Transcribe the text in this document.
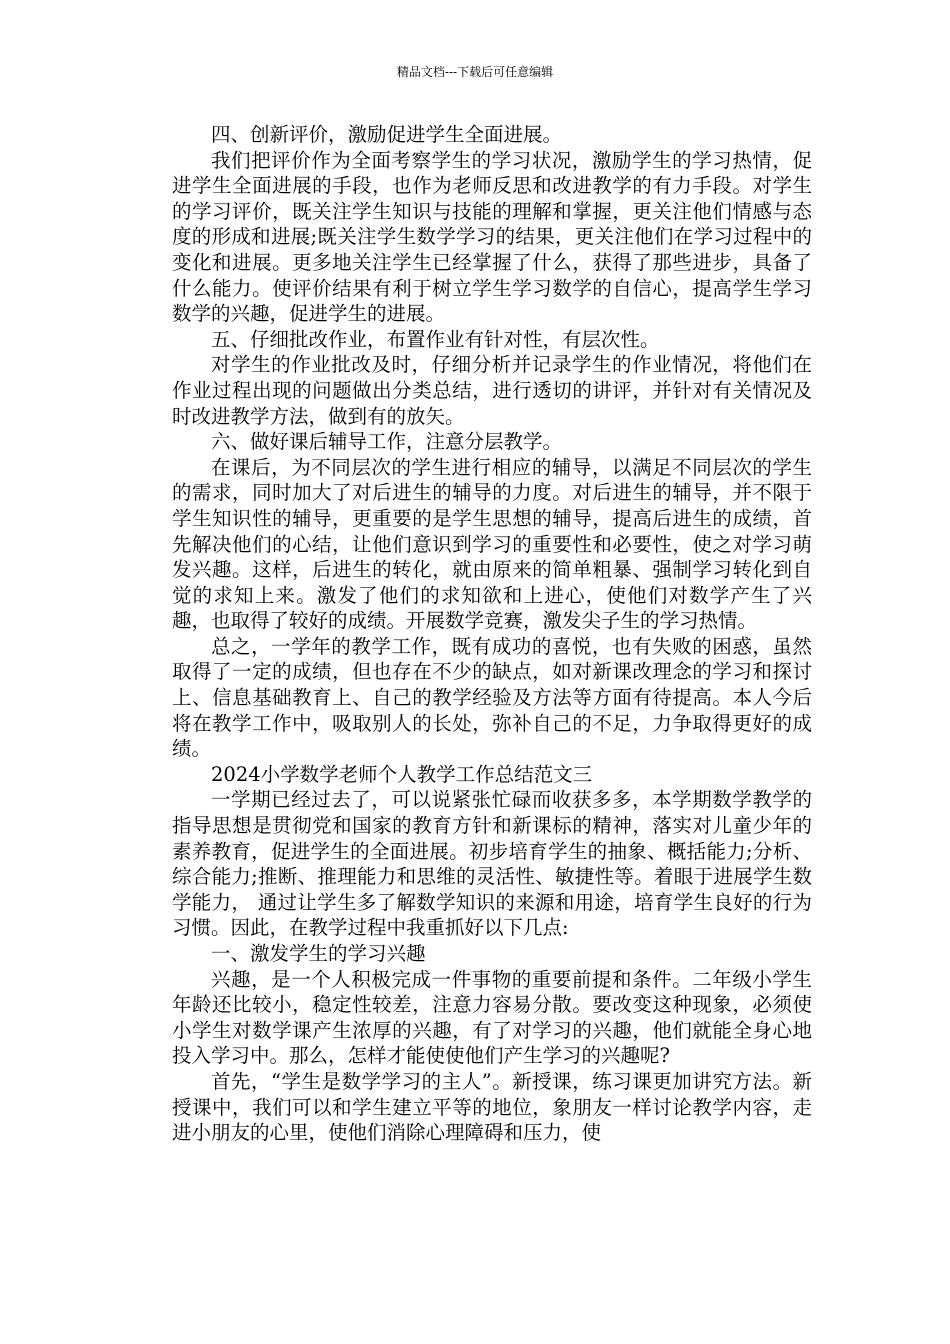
精品文档---下载后可任意编辑

四、创新评价，激励促进学生全面进展。

我们把评价作为全面考察学生的学习状况，激励学生的学习热情，促进学生全面进展的手段，也作为老师反思和改进教学的有力手段。对学生的学习评价，既关注学生知识与技能的理解和掌握，更关注他们情感与态度的形成和进展;既关注学生数学学习的结果，更关注他们在学习过程中的变化和进展。更多地关注学生已经掌握了什么，获得了那些进步，具备了什么能力。使评价结果有利于树立学生学习数学的自信心，提高学生学习数学的兴趣，促进学生的进展。

五、仔细批改作业，布置作业有针对性，有层次性。

对学生的作业批改及时，仔细分析并记录学生的作业情况，将他们在作业过程出现的问题做出分类总结，进行透切的讲评，并针对有关情况及时改进教学方法，做到有的放矢。

六、做好课后辅导工作，注意分层教学。

在课后，为不同层次的学生进行相应的辅导，以满足不同层次的学生的需求，同时加大了对后进生的辅导的力度。对后进生的辅导，并不限于学生知识性的辅导，更重要的是学生思想的辅导，提高后进生的成绩，首先解决他们的心结，让他们意识到学习的重要性和必要性，使之对学习萌发兴趣。这样，后进生的转化，就由原来的简单粗暴、强制学习转化到自觉的求知上来。激发了他们的求知欲和上进心，使他们对数学产生了兴趣，也取得了较好的成绩。开展数学竞赛，激发尖子生的学习热情。

总之，一学年的教学工作，既有成功的喜悦，也有失败的困惑，虽然取得了一定的成绩，但也存在不少的缺点，如对新课改理念的学习和探讨上、信息基础教育上、自己的教学经验及方法等方面有待提高。本人今后将在教学工作中，吸取别人的长处，弥补自己的不足，力争取得更好的成绩。

2024小学数学老师个人教学工作总结范文三

一学期已经过去了，可以说紧张忙碌而收获多多，本学期数学教学的指导思想是贯彻党和国家的教育方针和新课标的精神，落实对儿童少年的素养教育，促进学生的全面进展。初步培育学生的抽象、概括能力;分析、综合能力;推断、推理能力和思维的灵活性、敏捷性等。着眼于进展学生数学能力， 通过让学生多了解数学知识的来源和用途，培育学生良好的行为习惯。因此，在教学过程中我重抓好以下几点:

一、激发学生的学习兴趣

兴趣，是一个人积极完成一件事物的重要前提和条件。二年级小学生年龄还比较小，稳定性较差，注意力容易分散。要改变这种现象，必须使小学生对数学课产生浓厚的兴趣，有了对学习的兴趣，他们就能全身心地投入学习中。那么，怎样才能使使他们产生学习的兴趣呢?

首先，“学生是数学学习的主人”。新授课，练习课更加讲究方法。新授课中，我们可以和学生建立平等的地位，象朋友一样讨论教学内容，走进小朋友的心里，使他们消除心理障碍和压力，使
